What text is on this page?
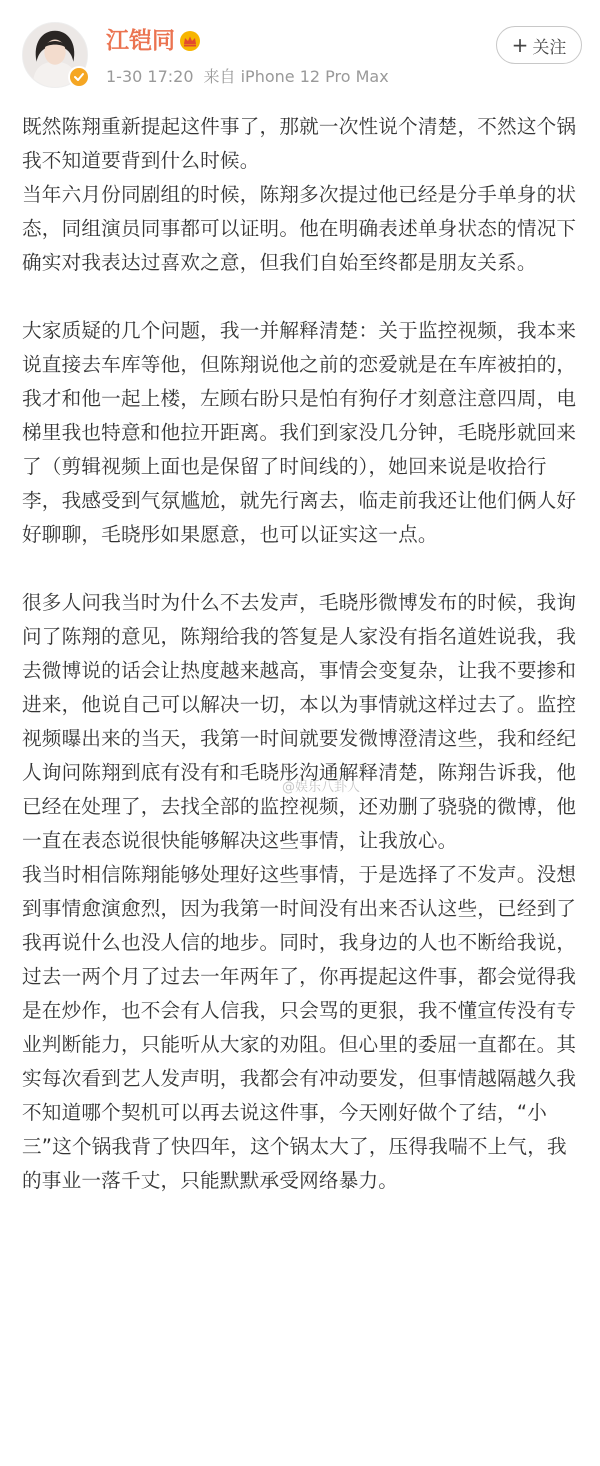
江铠同
1-30 17:20 来自 iPhone 12 Pro Max
+ 关注
既然陈翔重新提起这件事了，那就一次性说个清楚，不然这个锅我不知道要背到什么时候。
当年六月份同剧组的时候，陈翔多次提过他已经是分手单身的状态，同组演员同事都可以证明。他在明确表述单身状态的情况下确实对我表达过喜欢之意，但我们自始至终都是朋友关系。
大家质疑的几个问题，我一并解释清楚：关于监控视频，我本来说直接去车库等他，但陈翔说他之前的恋爱就是在车库被拍的，我才和他一起上楼，左顾右盼只是怕有狗仔才刻意注意四周，电梯里我也特意和他拉开距离。我们到家没几分钟，毛晓彤就回来了（剪辑视频上面也是保留了时间线的），她回来说是收拾行李，我感受到气氛尴尬，就先行离去，临走前我还让他们俩人好好聊聊，毛晓彤如果愿意，也可以证实这一点。
很多人问我当时为什么不去发声，毛晓彤微博发布的时候，我询问了陈翔的意见，陈翔给我的答复是人家没有指名道姓说我，我去微博说的话会让热度越来越高，事情会变复杂，让我不要掺和进来，他说自己可以解决一切，本以为事情就这样过去了。监控视频曝出来的当天，我第一时间就要发微博澄清这些，我和经纪人询问陈翔到底有没有和毛晓彤沟通解释清楚，陈翔告诉我，他已经在处理了，去找全部的监控视频，还劝删了骁骁的微博，他一直在表态说很快能够解决这些事情，让我放心。
我当时相信陈翔能够处理好这些事情，于是选择了不发声。没想到事情愈演愈烈，因为我第一时间没有出来否认这些，已经到了我再说什么也没人信的地步。同时，我身边的人也不断给我说，过去一两个月了过去一年两年了，你再提起这件事，都会觉得我是在炒作，也不会有人信我，只会骂的更狠，我不懂宣传没有专业判断能力，只能听从大家的劝阻。但心里的委屈一直都在。其实每次看到艺人发声明，我都会有冲动要发，但事情越隔越久我不知道哪个契机可以再去说这件事，今天刚好做个了结，“小三”这个锅我背了快四年，这个锅太大了，压得我喘不上气，我的事业一落千丈，只能默默承受网络暴力。
@娱乐八卦人
